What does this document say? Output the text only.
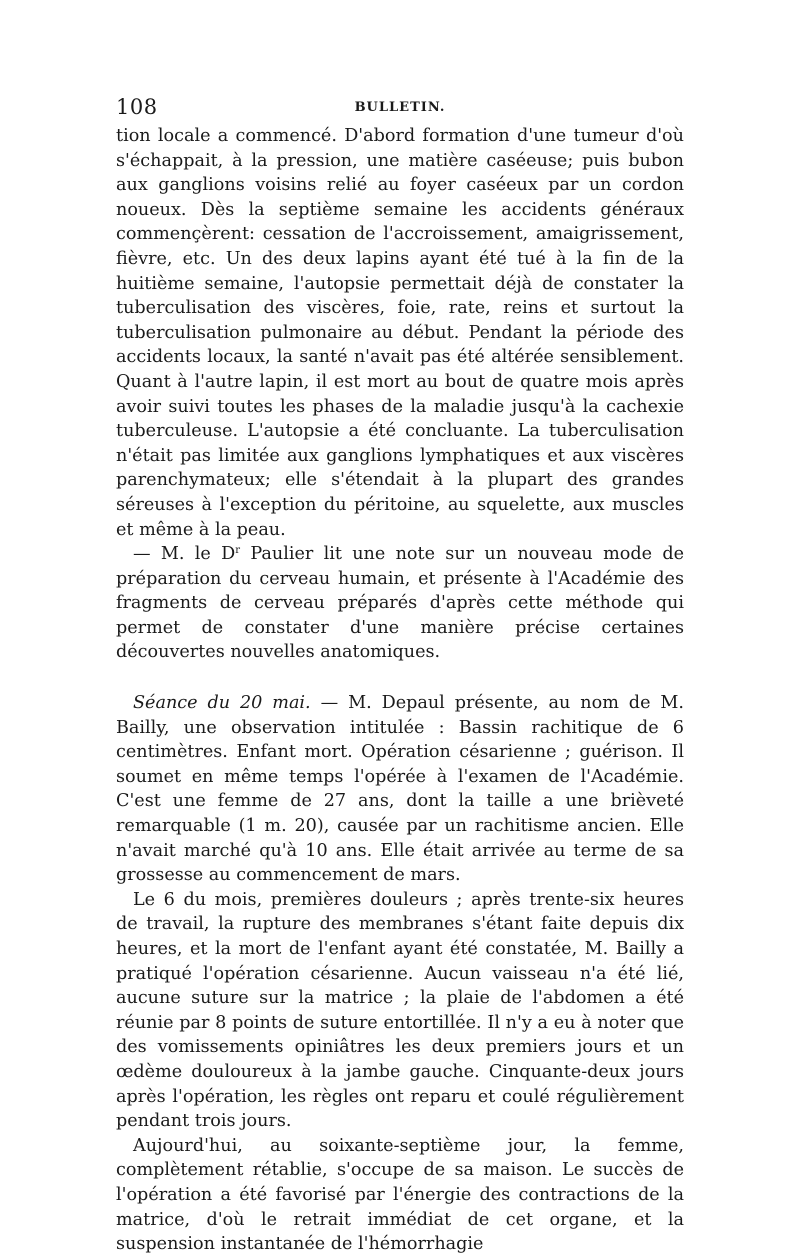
108	BULLETIN.

tion locale a commencé. D'abord formation d'une tumeur d'où s'échappait, à la pression, une matière caséeuse; puis bubon aux ganglions voisins relié au foyer caséeux par un cordon noueux. Dès la septième semaine les accidents généraux commençèrent: cessation de l'accroissement, amaigrissement, fièvre, etc. Un des deux lapins ayant été tué à la fin de la huitième semaine, l'autopsie permettait déjà de constater la tuberculisation des viscères, foie, rate, reins et surtout la tuberculisation pulmonaire au début. Pendant la période des accidents locaux, la santé n'avait pas été altérée sensiblement. Quant à l'autre lapin, il est mort au bout de quatre mois après avoir suivi toutes les phases de la maladie jusqu'à la cachexie tuberculeuse. L'autopsie a été concluante. La tuberculisation n'était pas limitée aux ganglions lymphatiques et aux viscères parenchymateux; elle s'étendait à la plupart des grandes séreuses à l'exception du péritoine, au squelette, aux muscles et même à la peau.

— M. le $D^r$ Paulier lit une note sur un nouveau mode de préparation du cerveau humain, et présente à l'Académie des fragments de cerveau préparés d'après cette méthode qui permet de constater d'une manière précise certaines découvertes nouvelles anatomiques.

Séance du 20 mai. — M. Depaul présente, au nom de M. Bailly, une observation intitulée : Bassin rachitique de 6 centimètres. Enfant mort. Opération césarienne ; guérison. Il soumet en même temps l'opérée à l'examen de l'Académie. C'est une femme de 27 ans, dont la taille a une brièveté remarquable (1 m. 20), causée par un rachitisme ancien. Elle n'avait marché qu'à 10 ans. Elle était arrivée au terme de sa grossesse au commencement de mars.

Le 6 du mois, premières douleurs ; après trente-six heures de travail, la rupture des membranes s'étant faite depuis dix heures, et la mort de l'enfant ayant été constatée, M. Bailly a pratiqué l'opération césarienne. Aucun vaisseau n'a été lié, aucune suture sur la matrice ; la plaie de l'abdomen a été réunie par 8 points de suture entortillée. Il n'y a eu à noter que des vomissements opiniâtres les deux premiers jours et un œdème douloureux à la jambe gauche. Cinquante-deux jours après l'opération, les règles ont reparu et coulé régulièrement pendant trois jours.

Aujourd'hui, au soixante-septième jour, la femme, complètement rétablie, s'occupe de sa maison. Le succès de l'opération a été favorisé par l'énergie des contractions de la matrice, d'où le retrait immédiat de cet organe, et la suspension instantanée de l'hémorrhagie
